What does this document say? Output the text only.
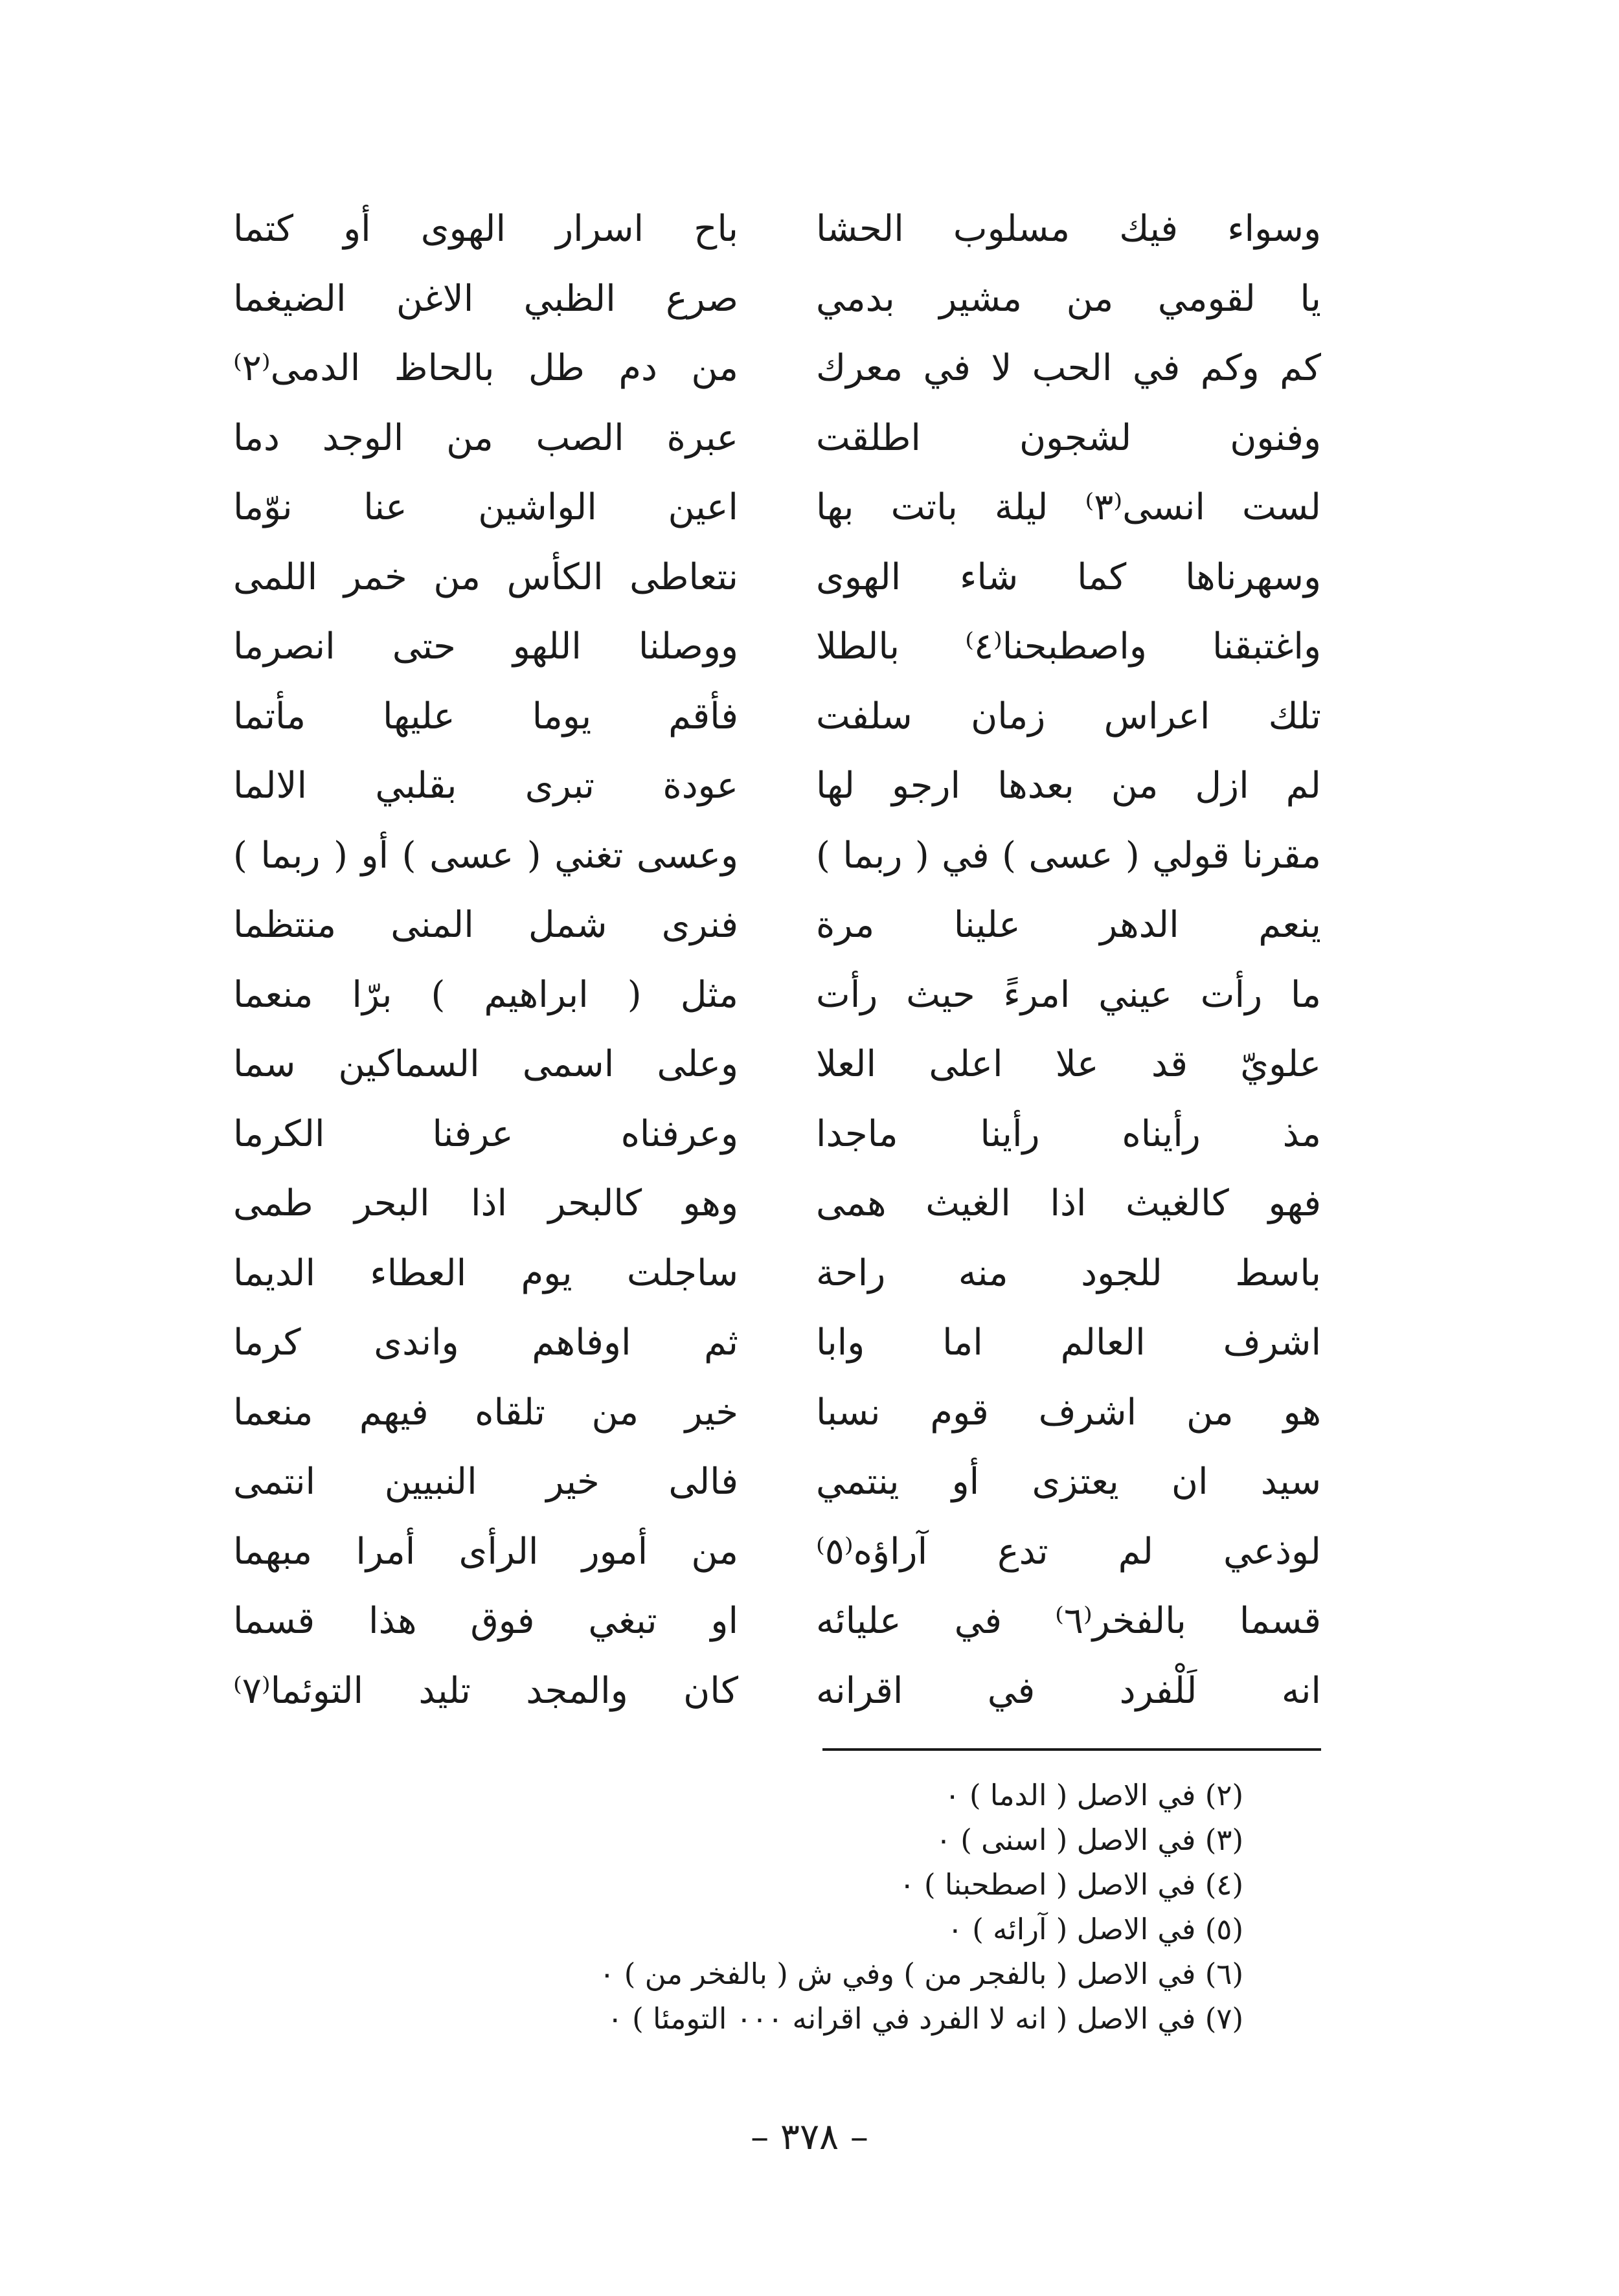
وسواء فيك مسلوب الحشا
باح اسرار الهوى أو كتما
يا لقومي من مشير بدمي
صرع الظبي الاغن الضيغما
كم وكم في الحب لا في معرك
من دم طل بالحاظ الدمى⁽٢⁾
وفنون لشجون اطلقت
عبرة الصب من الوجد دما
لست انسى⁽٣⁾ ليلة باتت بها
اعين الواشين عنا نوّما
وسهرناها كما شاء الهوى
نتعاطى الكأس من خمر اللمى
واغتبقنا واصطبحنا⁽٤⁾ بالطلا
ووصلنا اللهو حتى انصرما
تلك اعراس زمان سلفت
فأقم يوما عليها مأتما
لم ازل من بعدها ارجو لها
عودة تبرى بقلبي الالما
مقرنا قولي ( عسى ) في ( ربما )
وعسى تغني ( عسى ) أو ( ربما )
ينعم الدهر علينا مرة
فنرى شمل المنى منتظما
ما رأت عيني امرءً حيث رأت
مثل ( ابراهيم ) برّا منعما
علويّ قد علا اعلى العلا
وعلى اسمى السماكين سما
مذ رأيناه رأينا ماجدا
وعرفناه عرفنا الكرما
فهو كالغيث اذا الغيث همى
وهو كالبحر اذا البحر طمى
باسط للجود منه راحة
ساجلت يوم العطاء الديما
اشرف العالم اما وابا
ثم اوفاهم واندى كرما
هو من اشرف قوم نسبا
خير من تلقاه فيهم منعما
سيد ان يعتزى أو ينتمي
فالى خير النبيين انتمى
لوذعي لم تدع آراؤه⁽٥⁾
من أمور الرأى أمرا مبهما
قسما بالفخر⁽٦⁾ في عليائه
او تبغي فوق هذا قسما
انه لَلْفرد في اقرانه
كان والمجد تليد التوئما⁽٧⁾
(٢) في الاصل ( الدما ) ٠
(٣) في الاصل ( اسنى ) ٠
(٤) في الاصل ( اصطحبنا ) ٠
(٥) في الاصل ( آرائه ) ٠
(٦) في الاصل ( بالفجر من ) وفي ش ( بالفخر من ) ٠
(٧) في الاصل ( انه لا الفرد في اقرانه ٠٠٠ التومئا ) ٠
– ٣٧٨ –
